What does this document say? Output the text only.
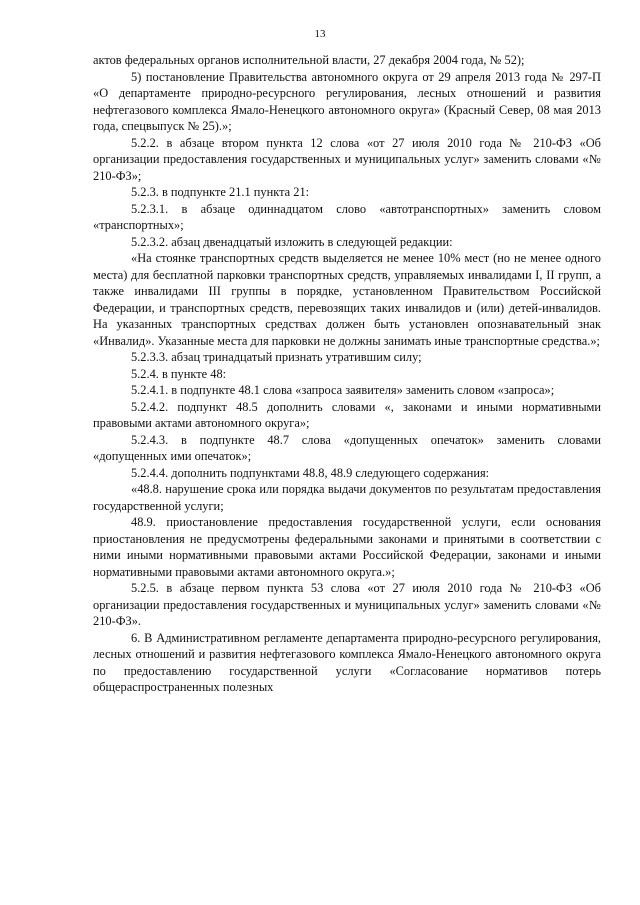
13

актов федеральных органов исполнительной власти, 27 декабря 2004 года, № 52);

5) постановление Правительства автономного округа от 29 апреля 2013 года № 297-П «О департаменте природно-ресурсного регулирования, лесных отношений и развития нефтегазового комплекса Ямало-Ненецкого автономного округа» (Красный Север, 08 мая 2013 года, спецвыпуск № 25).»;

5.2.2. в абзаце втором пункта 12 слова «от 27 июля 2010 года № 210-ФЗ «Об организации предоставления государственных и муниципальных услуг» заменить словами «№ 210-ФЗ»;

5.2.3. в подпункте 21.1 пункта 21:

5.2.3.1. в абзаце одиннадцатом слово «автотранспортных» заменить словом «транспортных»;

5.2.3.2. абзац двенадцатый изложить в следующей редакции:

«На стоянке транспортных средств выделяется не менее 10% мест (но не менее одного места) для бесплатной парковки транспортных средств, управляемых инвалидами I, II групп, а также инвалидами III группы в порядке, установленном Правительством Российской Федерации, и транспортных средств, перевозящих таких инвалидов и (или) детей-инвалидов. На указанных транспортных средствах должен быть установлен опознавательный знак «Инвалид». Указанные места для парковки не должны занимать иные транспортные средства.»;

5.2.3.3. абзац тринадцатый признать утратившим силу;

5.2.4. в пункте 48:

5.2.4.1. в подпункте 48.1 слова «запроса заявителя» заменить словом «запроса»;

5.2.4.2. подпункт 48.5 дополнить словами «, законами и иными нормативными правовыми актами автономного округа»;

5.2.4.3. в подпункте 48.7 слова «допущенных опечаток» заменить словами «допущенных ими опечаток»;

5.2.4.4. дополнить подпунктами 48.8, 48.9 следующего содержания:

«48.8. нарушение срока или порядка выдачи документов по результатам предоставления государственной услуги;

48.9. приостановление предоставления государственной услуги, если основания приостановления не предусмотрены федеральными законами и принятыми в соответствии с ними иными нормативными правовыми актами Российской Федерации, законами и иными нормативными правовыми актами автономного округа.»;

5.2.5. в абзаце первом пункта 53 слова «от 27 июля 2010 года № 210-ФЗ «Об организации предоставления государственных и муниципальных услуг» заменить словами «№ 210-ФЗ».

6. В Административном регламенте департамента природно-ресурсного регулирования, лесных отношений и развития нефтегазового комплекса Ямало-Ненецкого автономного округа по предоставлению государственной услуги «Согласование нормативов потерь общераспространенных полезных
